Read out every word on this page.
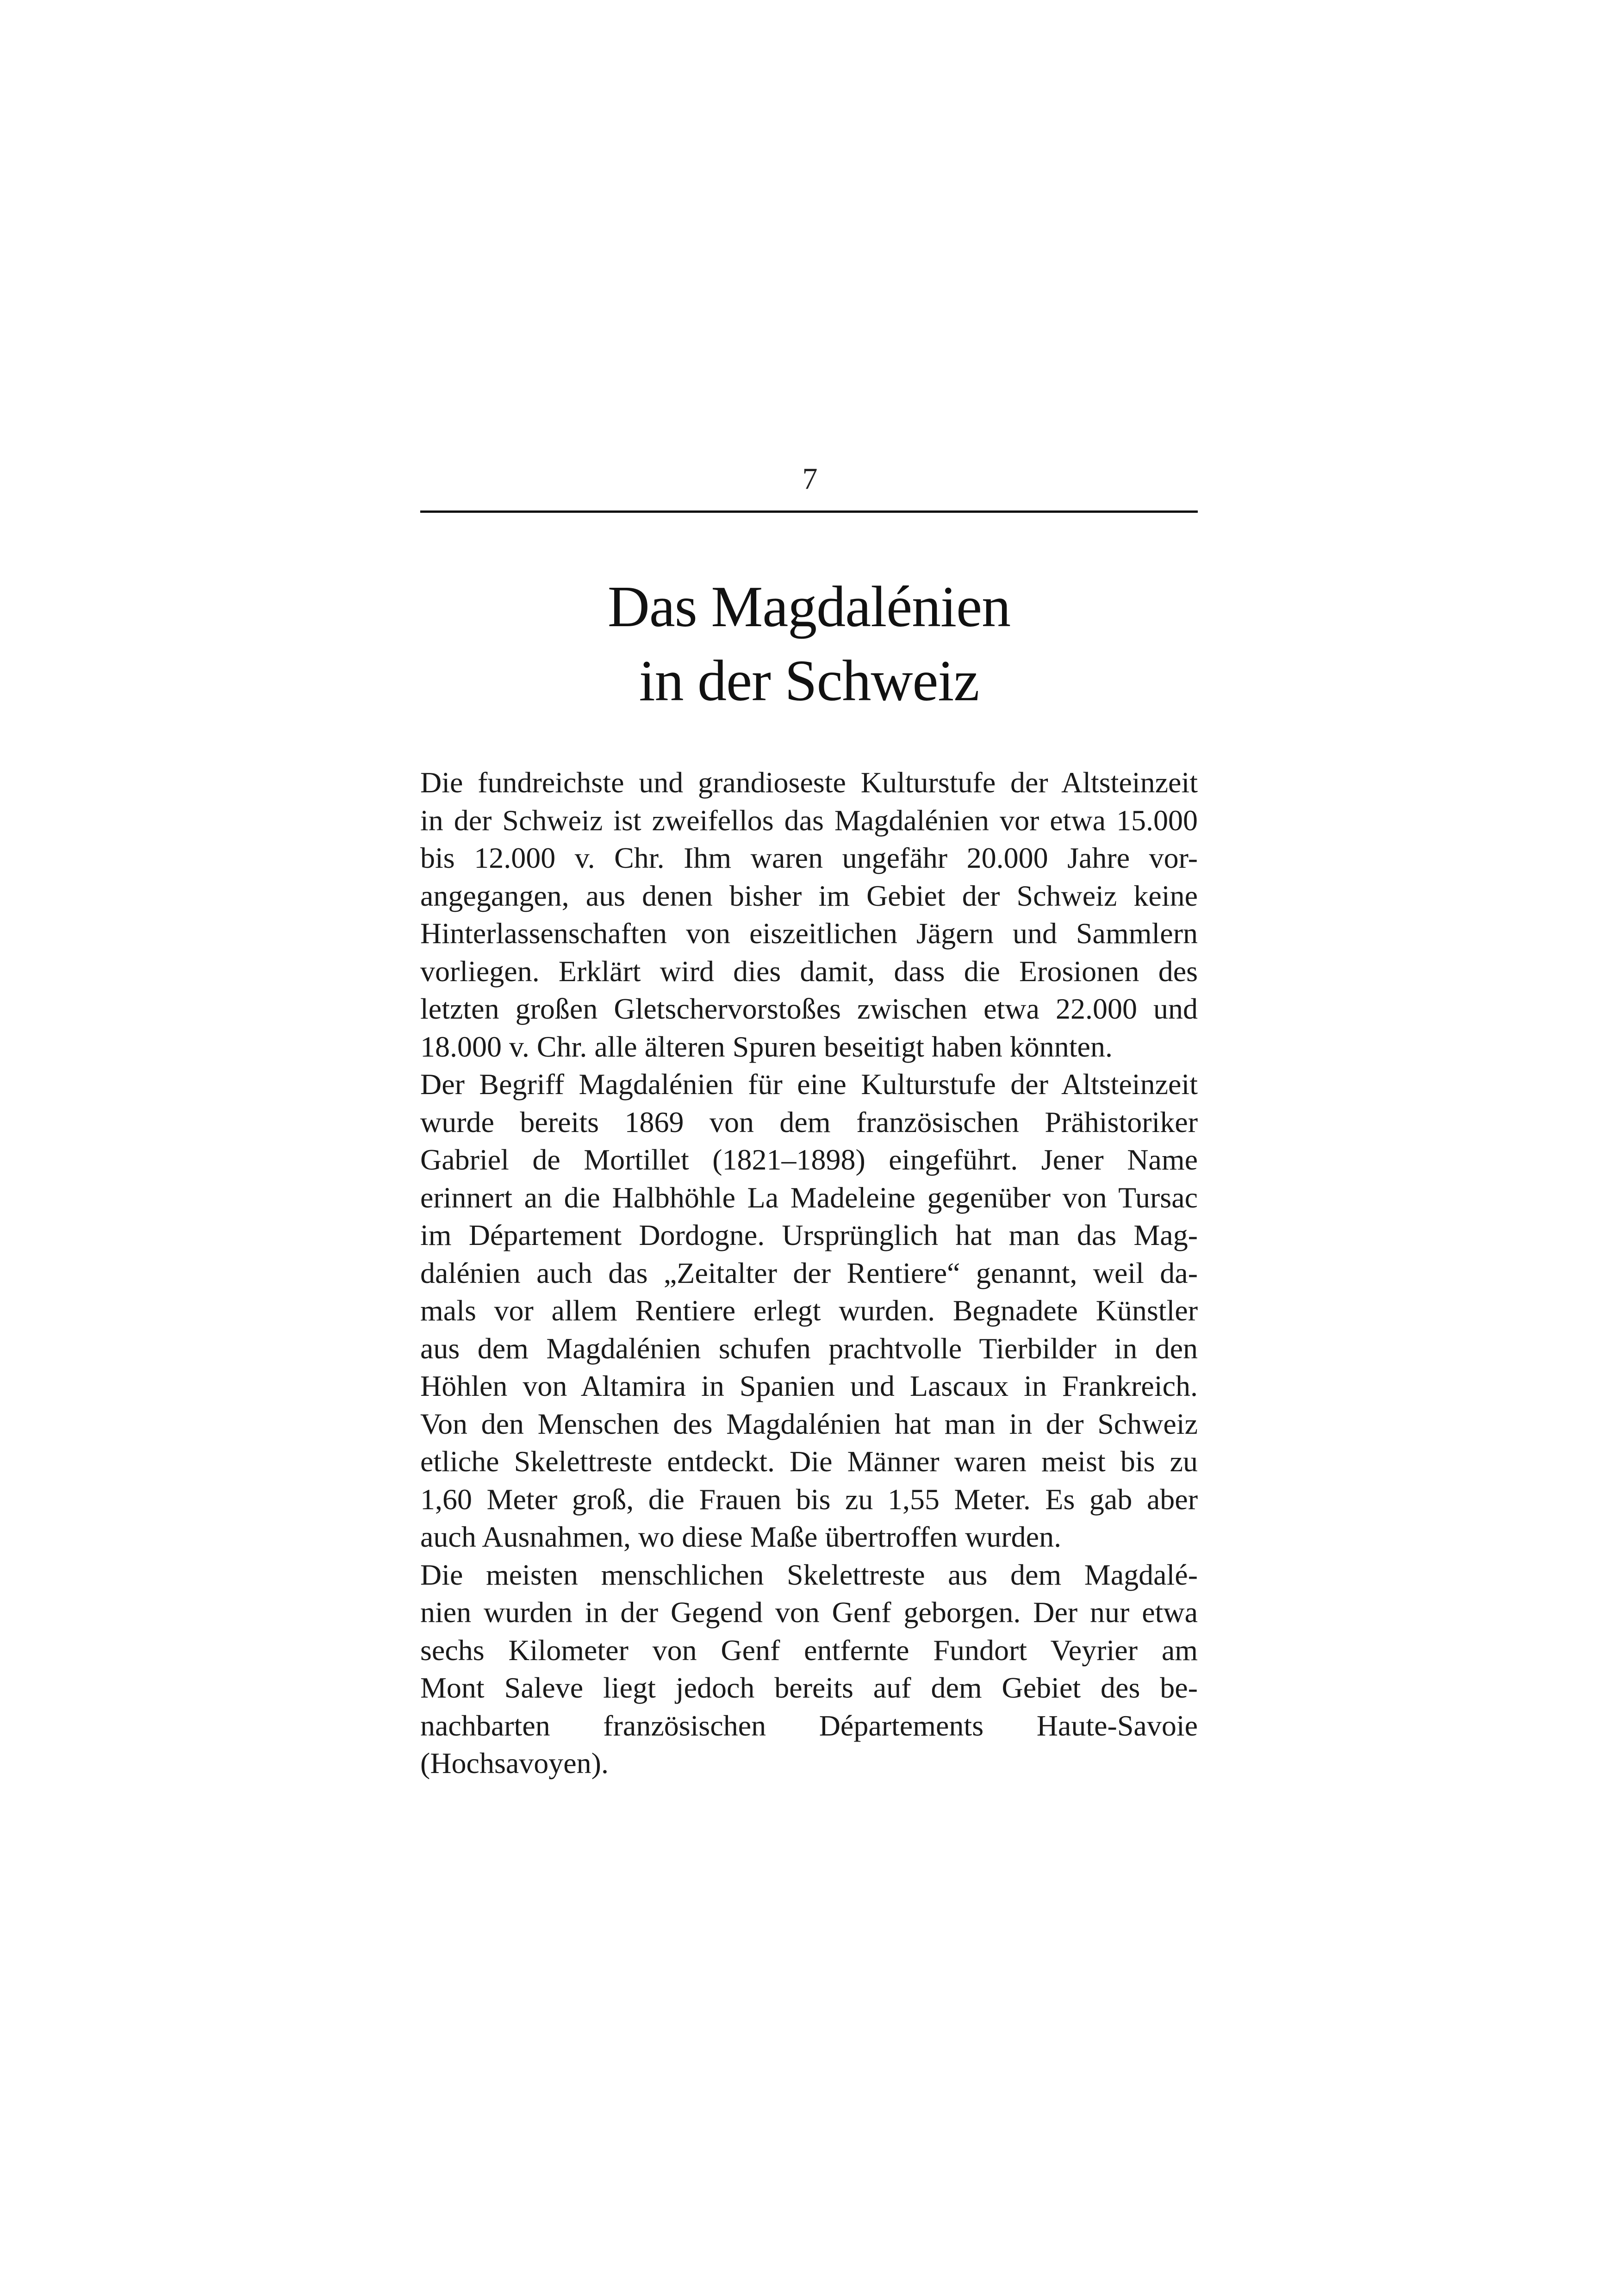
7
Das Magdalénien
in der Schweiz
Die fundreichste und grandioseste Kulturstufe der Altsteinzeit
in der Schweiz ist zweifellos das Magdalénien vor etwa 15.000
bis 12.000 v. Chr. Ihm waren ungefähr 20.000 Jahre vor-
angegangen, aus denen bisher im Gebiet der Schweiz keine
Hinterlassenschaften von eiszeitlichen Jägern und Sammlern
vorliegen. Erklärt wird dies damit, dass die Erosionen des
letzten großen Gletschervorstoßes zwischen etwa 22.000 und
18.000 v. Chr. alle älteren Spuren beseitigt haben könnten.
Der Begriff Magdalénien für eine Kulturstufe der Altsteinzeit
wurde bereits 1869 von dem französischen Prähistoriker
Gabriel de Mortillet (1821–1898) eingeführt. Jener Name
erinnert an die Halbhöhle La Madeleine gegenüber von Tursac
im Département Dordogne. Ursprünglich hat man das Mag-
dalénien auch das „Zeitalter der Rentiere“ genannt, weil da-
mals vor allem Rentiere erlegt wurden. Begnadete Künstler
aus dem Magdalénien schufen prachtvolle Tierbilder in den
Höhlen von Altamira in Spanien und Lascaux in Frankreich.
Von den Menschen des Magdalénien hat man in der Schweiz
etliche Skelettreste entdeckt. Die Männer waren meist bis zu
1,60 Meter groß, die Frauen bis zu 1,55 Meter. Es gab aber
auch Ausnahmen, wo diese Maße übertroffen wurden.
Die meisten menschlichen Skelettreste aus dem Magdalé-
nien wurden in der Gegend von Genf geborgen. Der nur etwa
sechs Kilometer von Genf entfernte Fundort Veyrier am
Mont Saleve liegt jedoch bereits auf dem Gebiet des be-
nachbarten französischen Départements Haute-Savoie
(Hochsavoyen).
